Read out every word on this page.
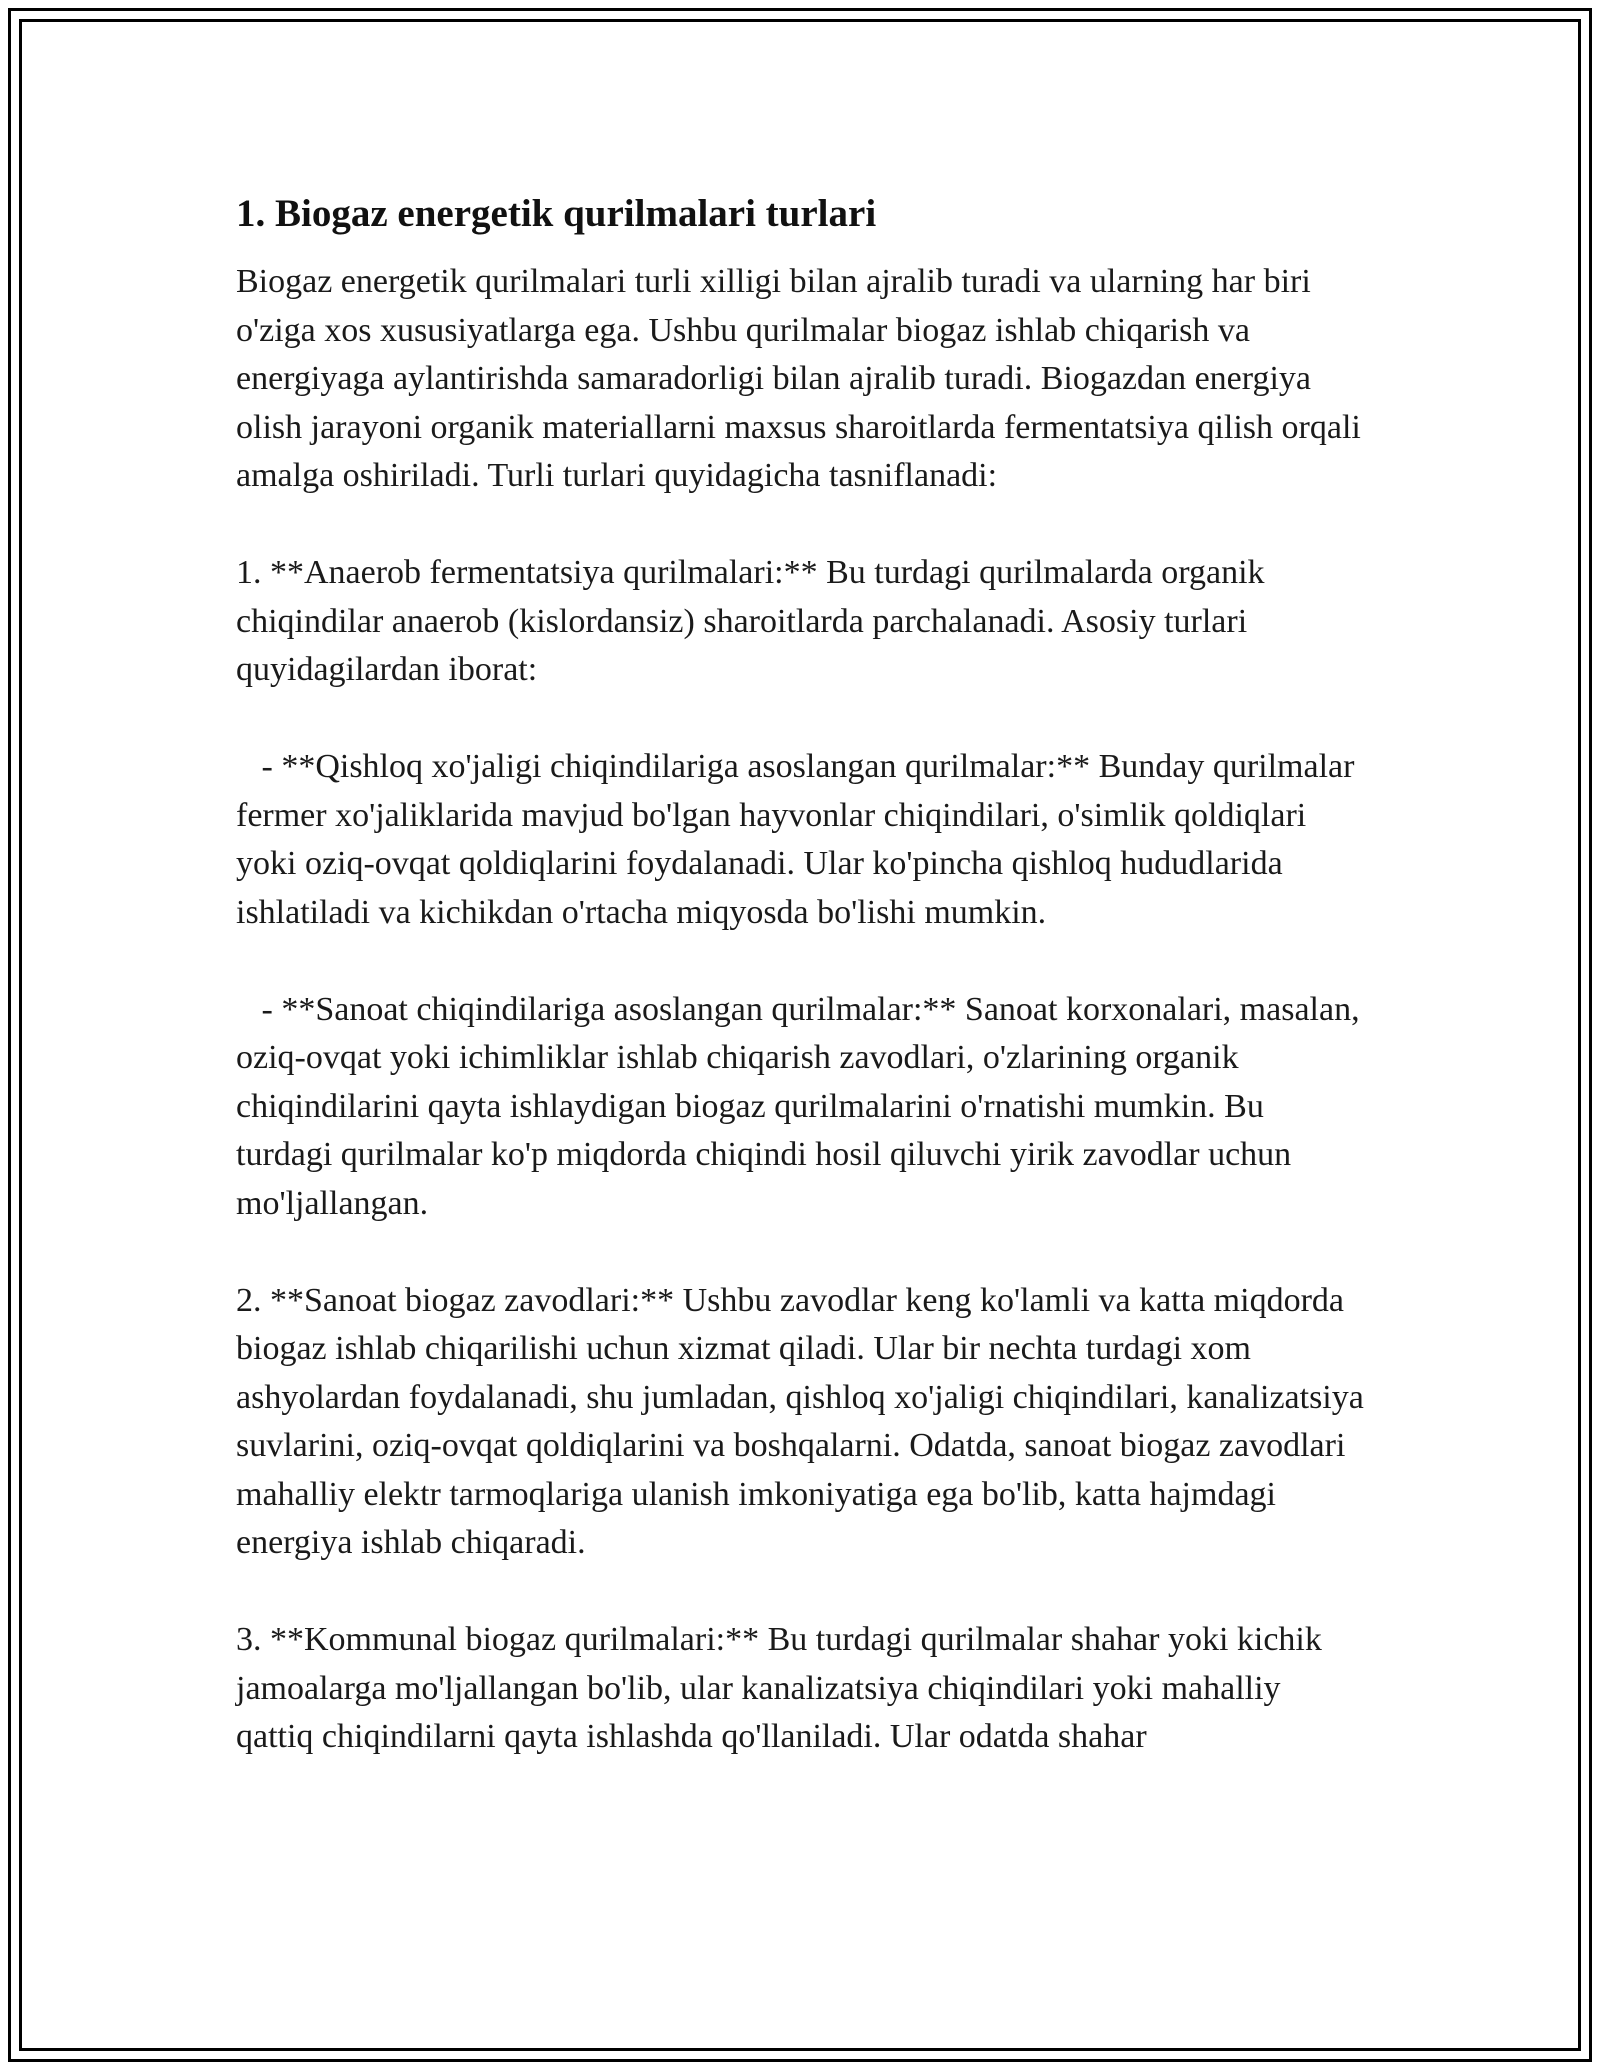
1. Biogaz energetik qurilmalari turlari

Biogaz energetik qurilmalari turli xilligi bilan ajralib turadi va ularning har biri o'ziga xos xususiyatlarga ega. Ushbu qurilmalar biogaz ishlab chiqarish va energiyaga aylantirishda samaradorligi bilan ajralib turadi. Biogazdan energiya olish jarayoni organik materiallarni maxsus sharoitlarda fermentatsiya qilish orqali amalga oshiriladi. Turli turlari quyidagicha tasniflanadi:

1. **Anaerob fermentatsiya qurilmalari:** Bu turdagi qurilmalarda organik chiqindilar anaerob (kislordansiz) sharoitlarda parchalanadi. Asosiy turlari quyidagilardan iborat:

- **Qishloq xo'jaligi chiqindilariga asoslangan qurilmalar:** Bunday qurilmalar fermer xo'jaliklarida mavjud bo'lgan hayvonlar chiqindilari, o'simlik qoldiqlari yoki oziq-ovqat qoldiqlarini foydalanadi. Ular ko'pincha qishloq hududlarida ishlatiladi va kichikdan o'rtacha miqyosda bo'lishi mumkin.

- **Sanoat chiqindilariga asoslangan qurilmalar:** Sanoat korxonalari, masalan, oziq-ovqat yoki ichimliklar ishlab chiqarish zavodlari, o'zlarining organik chiqindilarini qayta ishlaydigan biogaz qurilmalarini o'rnatishi mumkin. Bu turdagi qurilmalar ko'p miqdorda chiqindi hosil qiluvchi yirik zavodlar uchun mo'ljallangan.

2. **Sanoat biogaz zavodlari:** Ushbu zavodlar keng ko'lamli va katta miqdorda biogaz ishlab chiqarilishi uchun xizmat qiladi. Ular bir nechta turdagi xom ashyolardan foydalanadi, shu jumladan, qishloq xo'jaligi chiqindilari, kanalizatsiya suvlarini, oziq-ovqat qoldiqlarini va boshqalarni. Odatda, sanoat biogaz zavodlari mahalliy elektr tarmoqlariga ulanish imkoniyatiga ega bo'lib, katta hajmdagi energiya ishlab chiqaradi.

3. **Kommunal biogaz qurilmalari:** Bu turdagi qurilmalar shahar yoki kichik jamoalarga mo'ljallangan bo'lib, ular kanalizatsiya chiqindilari yoki mahalliy qattiq chiqindilarni qayta ishlashda qo'llaniladi. Ular odatda shahar
